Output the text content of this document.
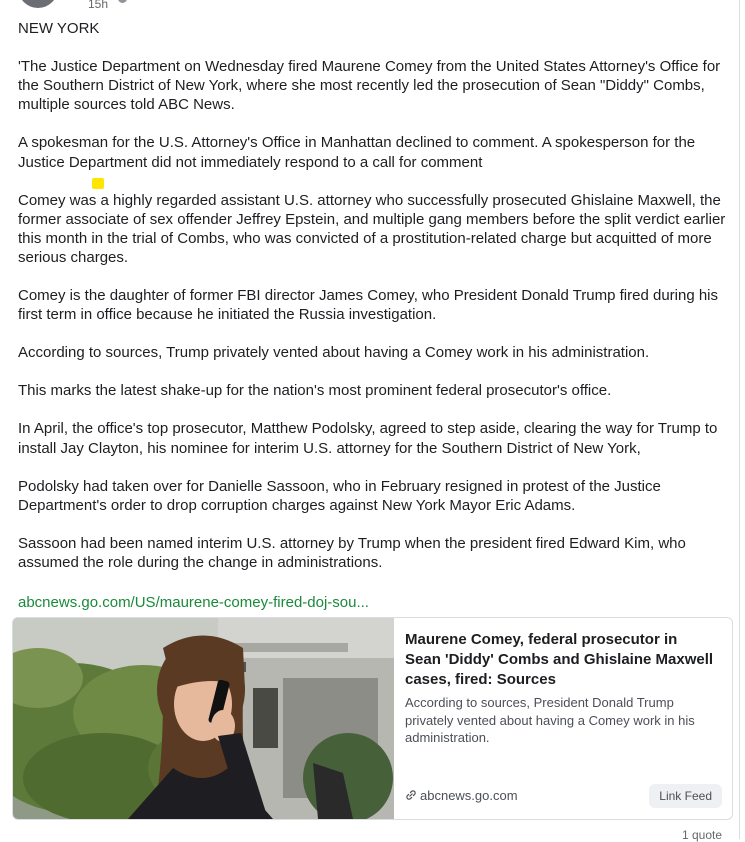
15h

NEW YORK

'The Justice Department on Wednesday fired Maurene Comey from the United States Attorney's Office for the Southern District of New York, where she most recently led the prosecution of Sean "Diddy" Combs, multiple sources told ABC News.

A spokesman for the U.S. Attorney's Office in Manhattan declined to comment. A spokesperson for the Justice Department did not immediately respond to a call for comment

Comey was a highly regarded assistant U.S. attorney who successfully prosecuted Ghislaine Maxwell, the former associate of sex offender Jeffrey Epstein, and multiple gang members before the split verdict earlier this month in the trial of Combs, who was convicted of a prostitution-related charge but acquitted of more serious charges.

Comey is the daughter of former FBI director James Comey, who President Donald Trump fired during his first term in office because he initiated the Russia investigation.

According to sources, Trump privately vented about having a Comey work in his administration.

This marks the latest shake-up for the nation's most prominent federal prosecutor's office.

In April, the office's top prosecutor, Matthew Podolsky, agreed to step aside, clearing the way for Trump to install Jay Clayton, his nominee for interim U.S. attorney for the Southern District of New York,

Podolsky had taken over for Danielle Sassoon, who in February resigned in protest of the Justice Department's order to drop corruption charges against New York Mayor Eric Adams.

Sassoon had been named interim U.S. attorney by Trump when the president fired Edward Kim, who assumed the role during the change in administrations.

abcnews.go.com/US/maurene-comey-fired-doj-sou...
Maurene Comey, federal prosecutor in Sean 'Diddy' Combs and Ghislaine Maxwell cases, fired: Sources
According to sources, President Donald Trump privately vented about having a Comey work in his administration.
abcnews.go.com	Link Feed
1 quote
